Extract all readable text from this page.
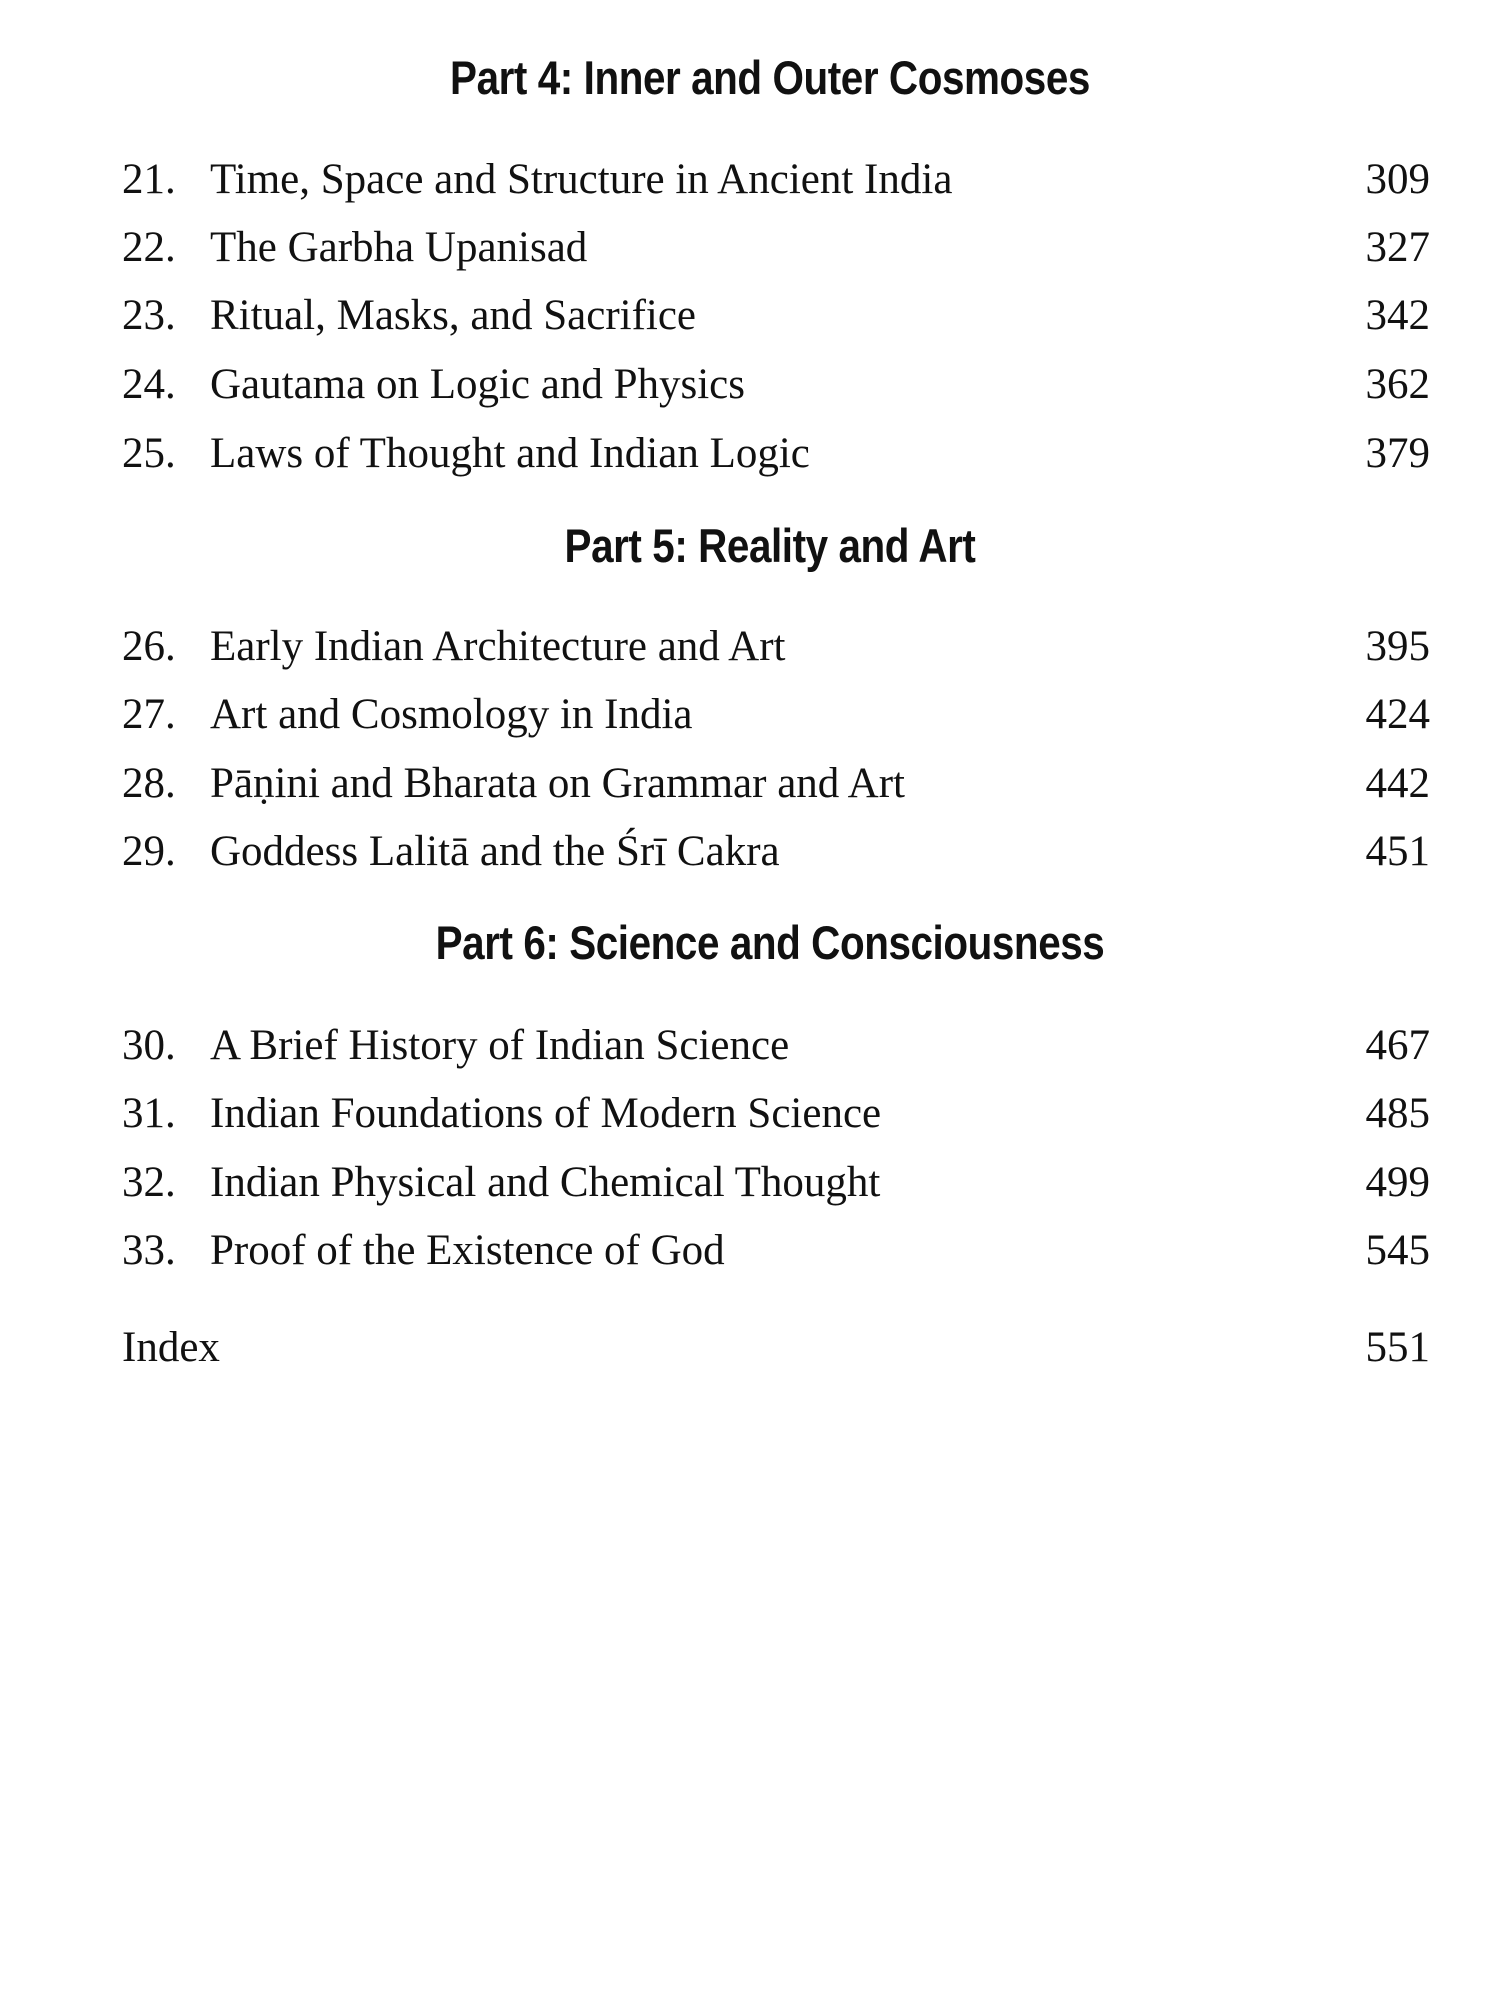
Part 4: Inner and Outer Cosmoses
21. Time, Space and Structure in Ancient India	309
22. The Garbha Upanisad	327
23. Ritual, Masks, and Sacrifice	342
24. Gautama on Logic and Physics	362
25. Laws of Thought and Indian Logic	379
Part 5: Reality and Art
26. Early Indian Architecture and Art	395
27. Art and Cosmology in India	424
28. Pāṇini and Bharata on Grammar and Art	442
29. Goddess Lalitā and the Śrī Cakra	451
Part 6: Science and Consciousness
30. A Brief History of Indian Science	467
31. Indian Foundations of Modern Science	485
32. Indian Physical and Chemical Thought	499
33. Proof of the Existence of God	545
Index	551
